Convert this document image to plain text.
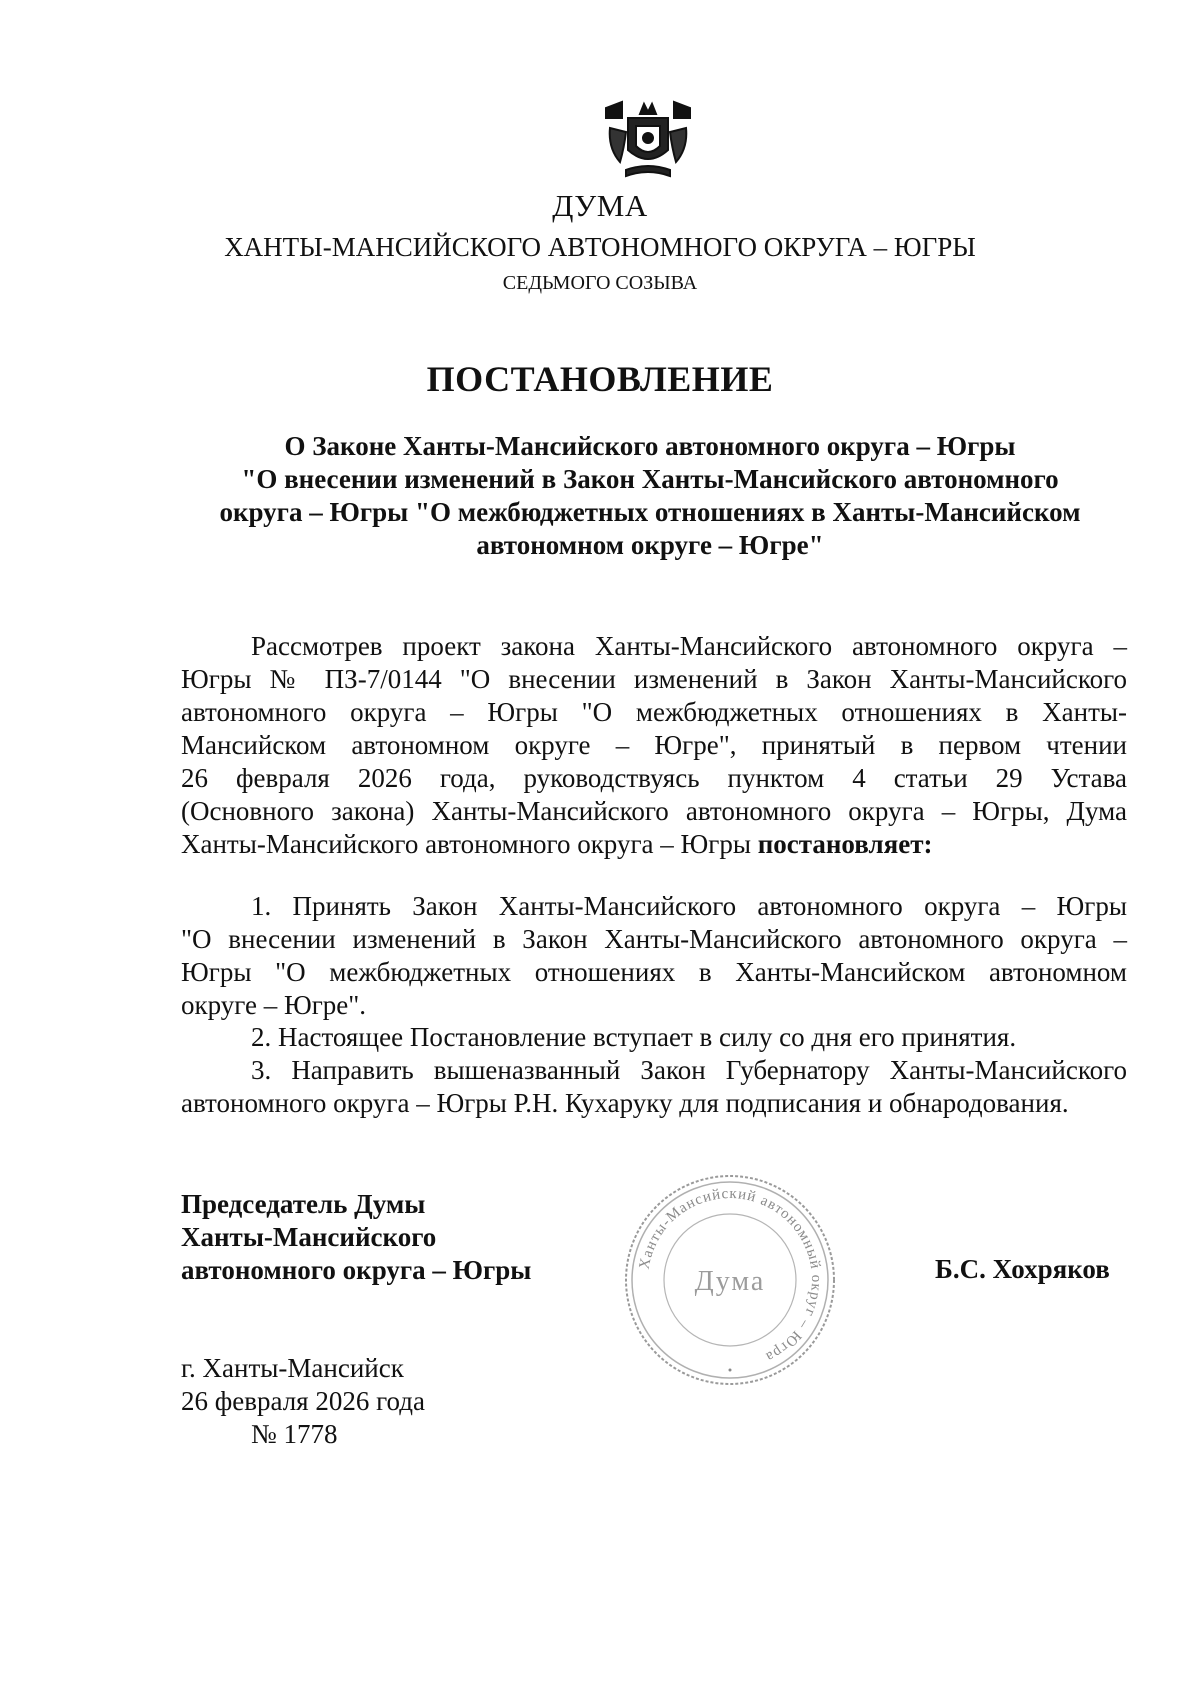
ДУМА
ХАНТЫ-МАНСИЙСКОГО АВТОНОМНОГО ОКРУГА – ЮГРЫ
СЕДЬМОГО СОЗЫВА
ПОСТАНОВЛЕНИЕ
О Законе Ханты-Мансийского автономного округа – Югры
"О внесении изменений в Закон Ханты-Мансийского автономного
округа – Югры "О межбюджетных отношениях в Ханты-Мансийском
автономном округе – Югре"
Рассмотрев проект закона Ханты-Мансийского автономного округа –
Югры № ПЗ-7/0144 "О внесении изменений в Закон Ханты-Мансийского
автономного округа – Югры "О межбюджетных отношениях в Ханты-
Мансийском автономном округе – Югре", принятый в первом чтении
26 февраля 2026 года, руководствуясь пунктом 4 статьи 29 Устава
(Основного закона) Ханты-Мансийского автономного округа – Югры, Дума
Ханты-Мансийского автономного округа – Югры постановляет:
1. Принять Закон Ханты-Мансийского автономного округа – Югры
"О внесении изменений в Закон Ханты-Мансийского автономного округа –
Югры "О межбюджетных отношениях в Ханты-Мансийском автономном
округе – Югре".
2. Настоящее Постановление вступает в силу со дня его принятия.
3. Направить вышеназванный Закон Губернатору Ханты-Мансийского
автономного округа – Югры Р.Н. Кухаруку для подписания и обнародования.
Председатель Думы
Ханты-Мансийского
автономного округа – Югры	Ханты-Мансийский автономный округ – Югра
Дума	Б.С. Хохряков
г. Ханты-Мансийск
26 февраля 2026 года
№ 1778
